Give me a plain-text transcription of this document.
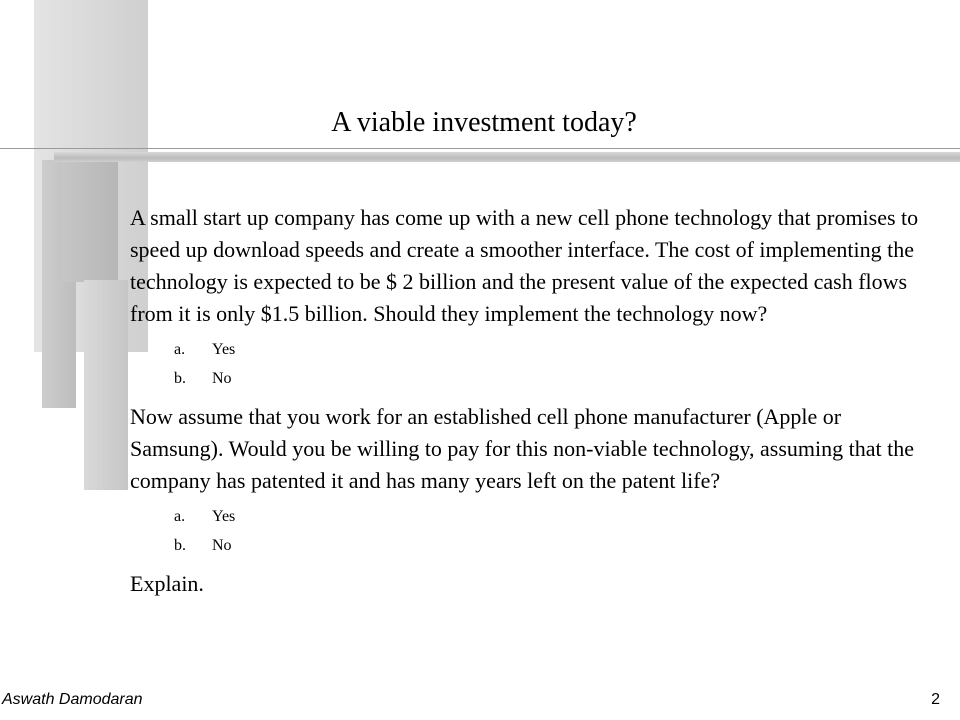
A viable investment today?

A small start up company has come up with a new cell phone technology that promises to speed up download speeds and create a smoother interface. The cost of implementing the technology is expected to be $ 2 billion and the present value of the expected cash flows from it is only $1.5 billion. Should they implement the technology now?

a. Yes
b. No

Now assume that you work for an established cell phone manufacturer (Apple or Samsung). Would you be willing to pay for this non-viable technology, assuming that the company has patented it and has many years left on the patent life?

a. Yes
b. No

Explain.

Aswath Damodaran	2
